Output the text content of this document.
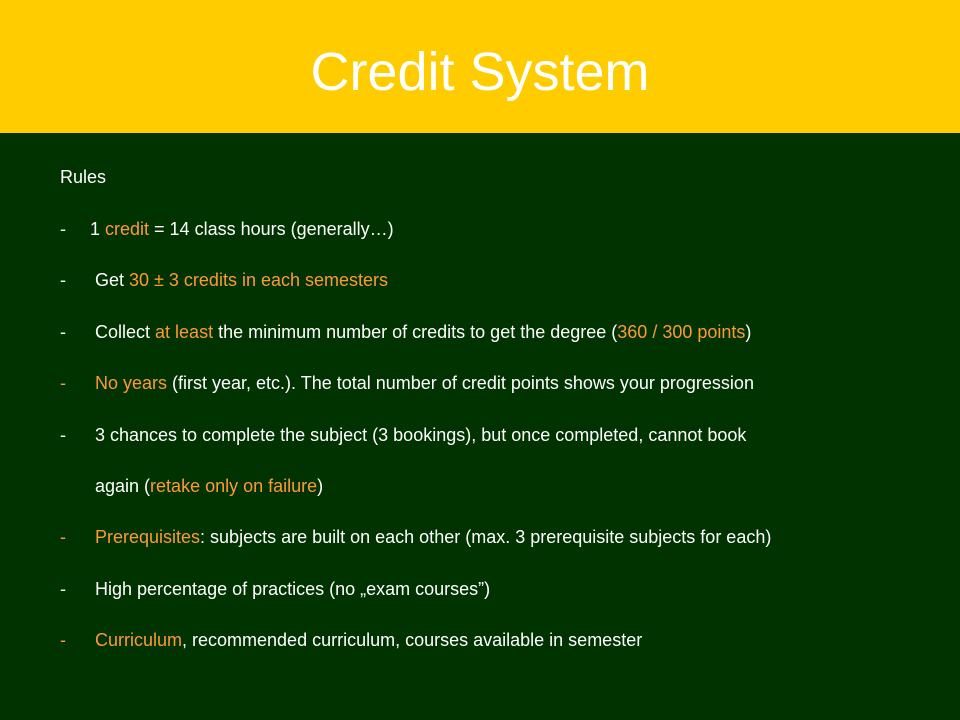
Credit System
Rules
-	1 credit = 14 class hours (generally…)
-	Get 30 ± 3 credits in each semesters
-	Collect at least the minimum number of credits to get the degree (360 / 300 points)
-	No years (first year, etc.). The total number of credit points shows your progression
-	3 chances to complete the subject (3 bookings), but once completed, cannot book
again (retake only on failure)
-	Prerequisites: subjects are built on each other (max. 3 prerequisite subjects for each)
-	High percentage of practices (no „exam courses”)
-	Curriculum, recommended curriculum, courses available in semester
